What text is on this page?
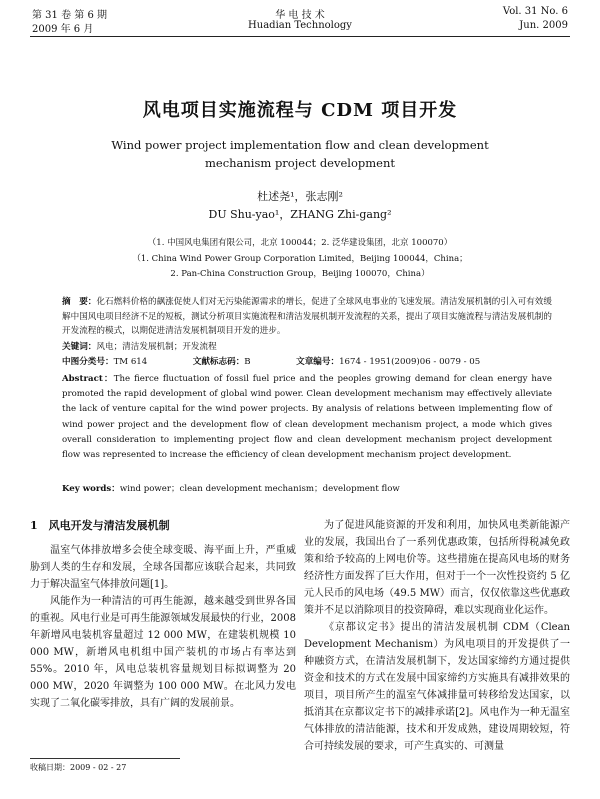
第 31 卷 第 6 期
2009 年 6 月
华 电 技 术
Huadian Technology
Vol. 31 No. 6
Jun. 2009
风电项目实施流程与 CDM 项目开发
Wind power project implementation flow and clean development
mechanism project development
杜述尧¹，张志刚²
DU Shu-yao¹，ZHANG Zhi-gang²
（1. 中国风电集团有限公司，北京 100044；2. 泛华建设集团，北京 100070）
（1. China Wind Power Group Corporation Limited，Beijing 100044，China；
2. Pan-China Construction Group，Beijing 100070，China）
摘　要：化石燃料价格的飙涨促使人们对无污染能源需求的增长，促进了全球风电事业的飞速发展。清洁发展机制的引入可有效缓解中国风电项目经济不足的短板，测试分析项目实施流程和清洁发展机制开发流程的关系，提出了项目实施流程与清洁发展机制的开发流程的模式，以期促进清洁发展机制项目开发的进步。
关键词：风电；清洁发展机制；开发流程
中图分类号：TM 614	文献标志码：B	文章编号：1674 - 1951(2009)06 - 0079 - 05
Abstract：The fierce fluctuation of fossil fuel price and the peoples growing demand for clean energy have promoted the rapid development of global wind power. Clean development mechanism may effectively alleviate the lack of venture capital for the wind power projects. By analysis of relations between implementing flow of wind power project and the development flow of clean development mechanism project, a mode which gives overall consideration to implementing project flow and clean development mechanism project development flow was represented to increase the efficiency of clean development mechanism project development.
Key words：wind power；clean development mechanism；development flow
1　风电开发与清洁发展机制

温室气体排放增多会使全球变暖、海平面上升，严重威胁到人类的生存和发展，全球各国都应该联合起来，共同致力于解决温室气体排放问题[1]。

风能作为一种清洁的可再生能源，越来越受到世界各国的重视。风电行业是可再生能源领域发展最快的行业，2008 年新增风电装机容量超过 12 000 MW，在建装机规模 10 000 MW，新增风电机组中国产装机的市场占有率达到 55%。2010 年，风电总装机容量规划目标拟调整为 20 000 MW，2020 年调整为 100 000 MW。在北风力发电实现了二氧化碳零排放，具有广阔的发展前景。

为了促进风能资源的开发和利用，加快风电类新能源产业的发展，我国出台了一系列优惠政策，包括所得税减免政策和给予较高的上网电价等。这些措施在提高风电场的财务经济性方面发挥了巨大作用，但对于一个一次性投资约 5 亿元人民币的风电场（49.5 MW）而言，仅仅依靠这些优惠政策并不足以消除项目的投资障碍，难以实现商业化运作。

《京都议定书》提出的清洁发展机制 CDM（Clean Development Mechanism）为风电项目的开发提供了一种融资方式，在清洁发展机制下，发达国家缔约方通过提供资金和技术的方式在发展中国家缔约方实施具有减排效果的项目，项目所产生的温室气体减排量可转移给发达国家，以抵消其在京都议定书下的减排承诺[2]。风电作为一种无温室气体排放的清洁能源，技术和开发成熟，建设周期较短，符合可持续发展的要求，可产生真实的、可测量

收稿日期：2009 - 02 - 27
